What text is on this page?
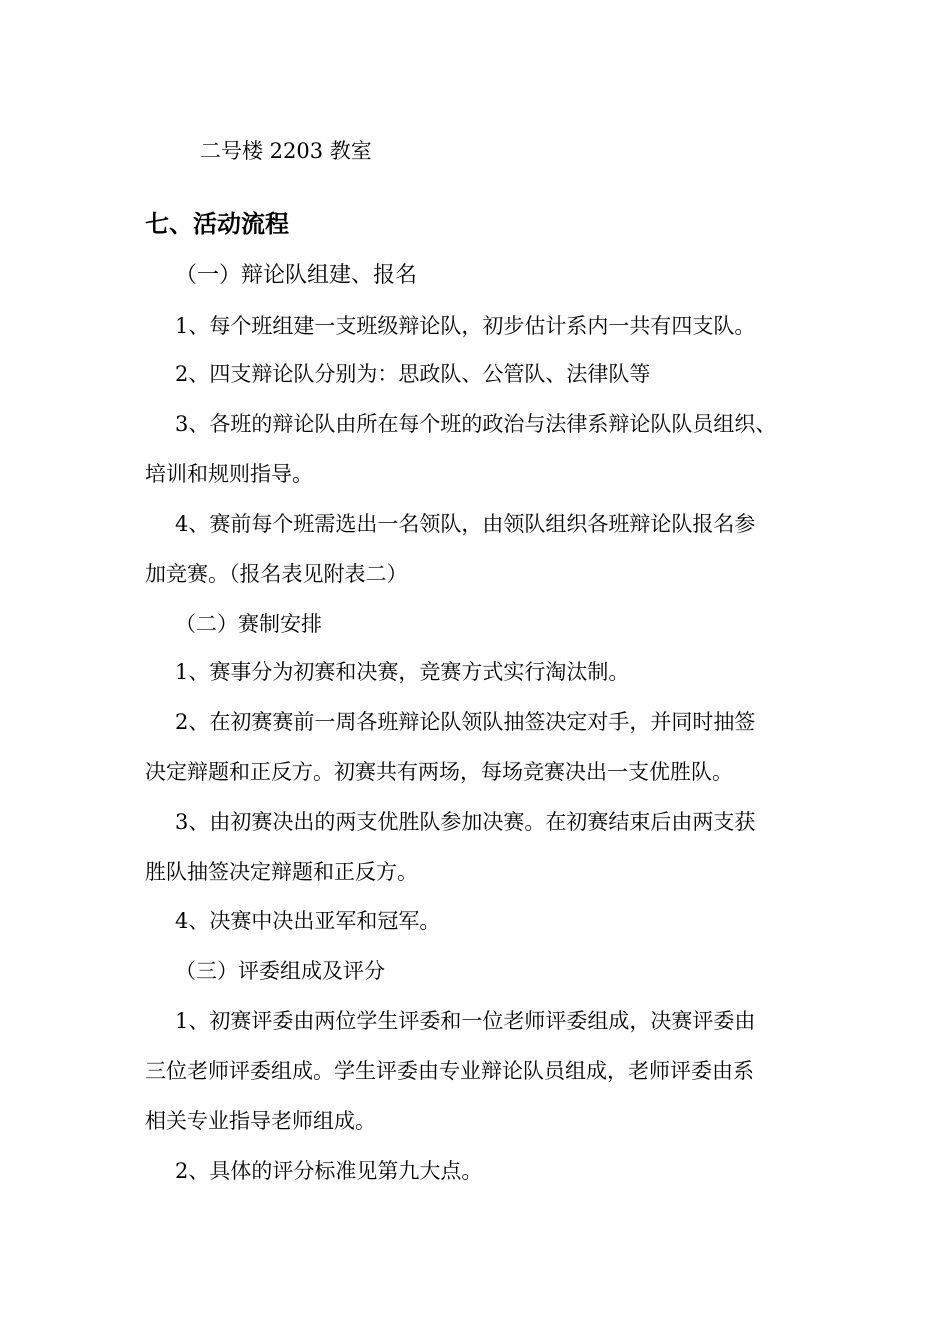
二号楼 2203 教室
七、活动流程
（一）辩论队组建、报名
1、每个班组建一支班级辩论队，初步估计系内一共有四支队。
2、四支辩论队分别为：思政队、公管队、法律队等
3、各班的辩论队由所在每个班的政治与法律系辩论队队员组织、
培训和规则指导。
4、赛前每个班需选出一名领队，由领队组织各班辩论队报名参
加竞赛。（报名表见附表二）
（二）赛制安排
1、赛事分为初赛和决赛，竞赛方式实行淘汰制。
2、在初赛赛前一周各班辩论队领队抽签决定对手，并同时抽签
决定辩题和正反方。初赛共有两场，每场竞赛决出一支优胜队。
3、由初赛决出的两支优胜队参加决赛。在初赛结束后由两支获
胜队抽签决定辩题和正反方。
4、决赛中决出亚军和冠军。
（三）评委组成及评分
1、初赛评委由两位学生评委和一位老师评委组成，决赛评委由
三位老师评委组成。学生评委由专业辩论队员组成，老师评委由系
相关专业指导老师组成。
2、具体的评分标准见第九大点。
